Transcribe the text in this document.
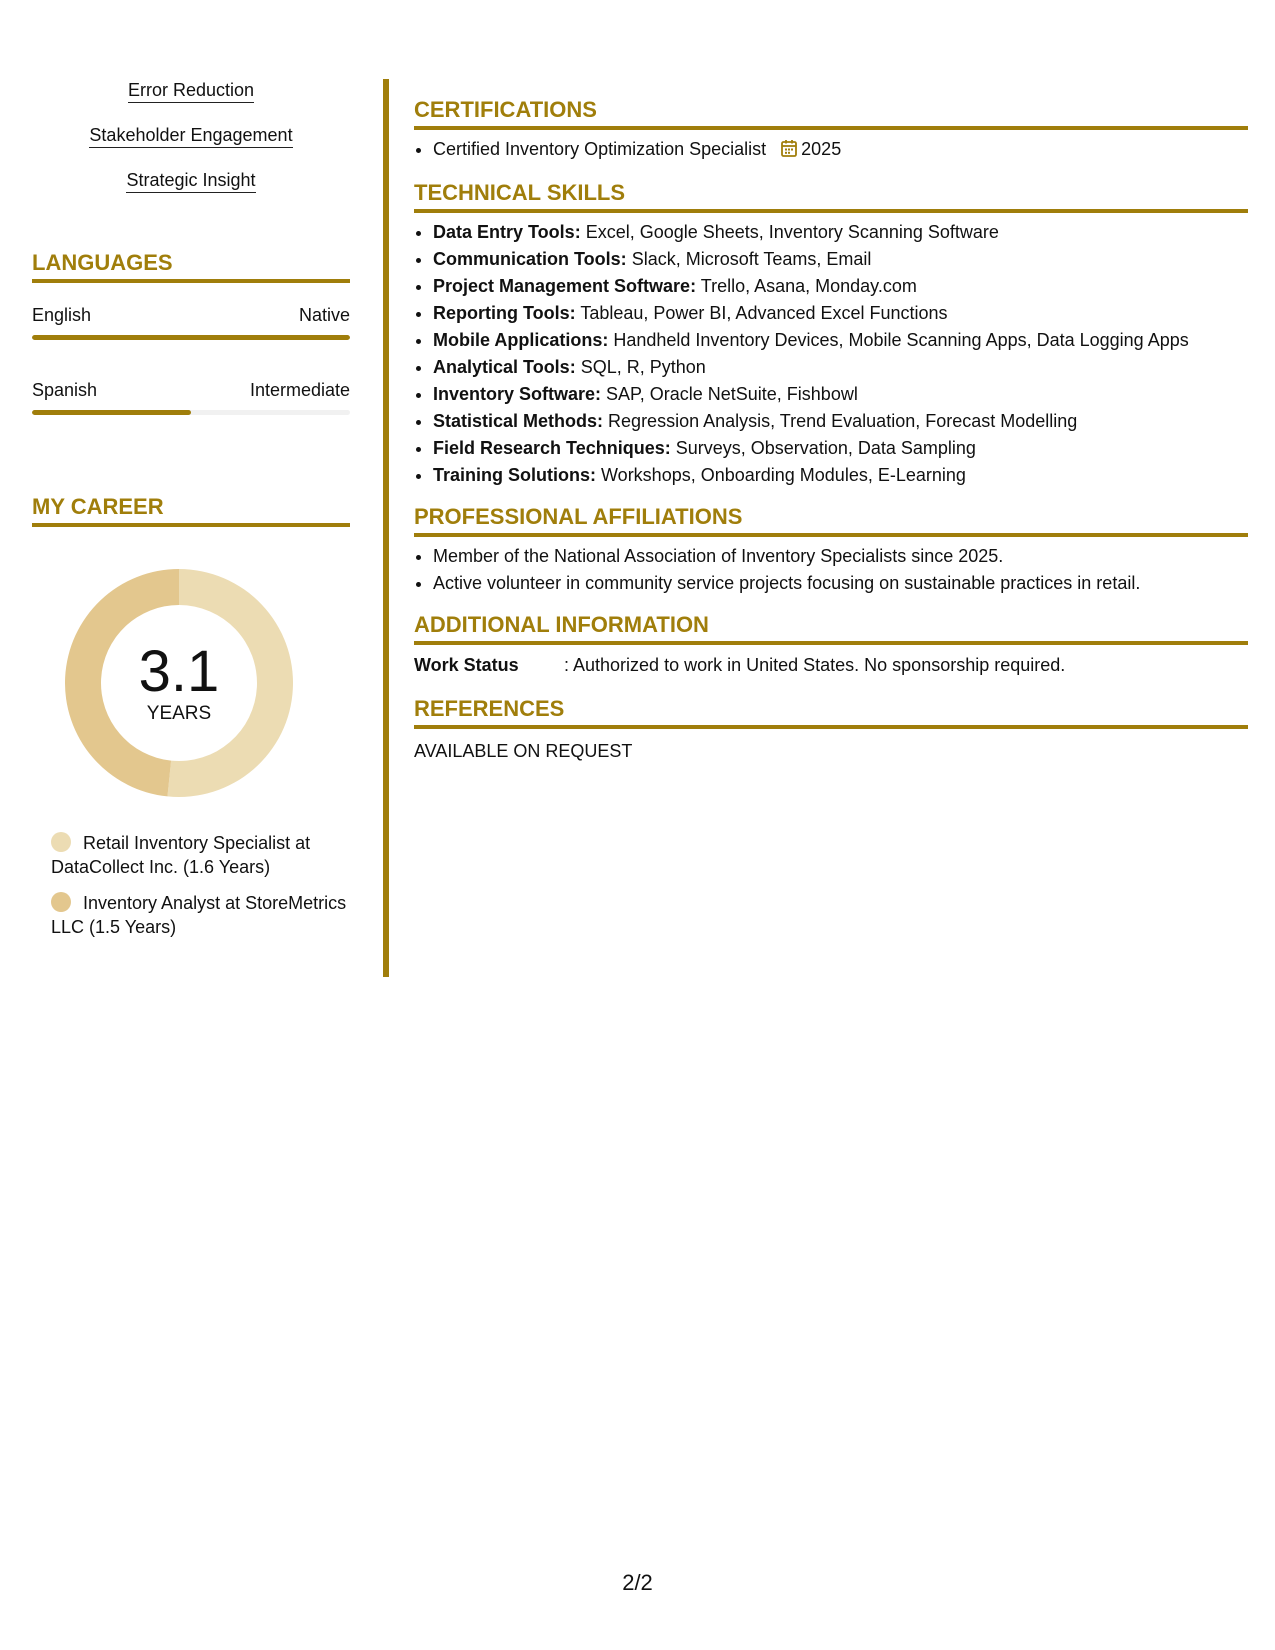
Error Reduction
Stakeholder Engagement
Strategic Insight
LANGUAGES
English	Native
Spanish	Intermediate
MY CAREER
3.1
YEARS
Retail Inventory Specialist at DataCollect Inc. (1.6 Years)
Inventory Analyst at StoreMetrics LLC (1.5 Years)
CERTIFICATIONS
• Certified Inventory Optimization Specialist 2025
TECHNICAL SKILLS
• Data Entry Tools: Excel, Google Sheets, Inventory Scanning Software
• Communication Tools: Slack, Microsoft Teams, Email
• Project Management Software: Trello, Asana, Monday.com
• Reporting Tools: Tableau, Power BI, Advanced Excel Functions
• Mobile Applications: Handheld Inventory Devices, Mobile Scanning Apps, Data Logging Apps
• Analytical Tools: SQL, R, Python
• Inventory Software: SAP, Oracle NetSuite, Fishbowl
• Statistical Methods: Regression Analysis, Trend Evaluation, Forecast Modelling
• Field Research Techniques: Surveys, Observation, Data Sampling
• Training Solutions: Workshops, Onboarding Modules, E-Learning
PROFESSIONAL AFFILIATIONS
• Member of the National Association of Inventory Specialists since 2025.
• Active volunteer in community service projects focusing on sustainable practices in retail.
ADDITIONAL INFORMATION
Work Status	: Authorized to work in United States. No sponsorship required.
REFERENCES
AVAILABLE ON REQUEST
2/2
